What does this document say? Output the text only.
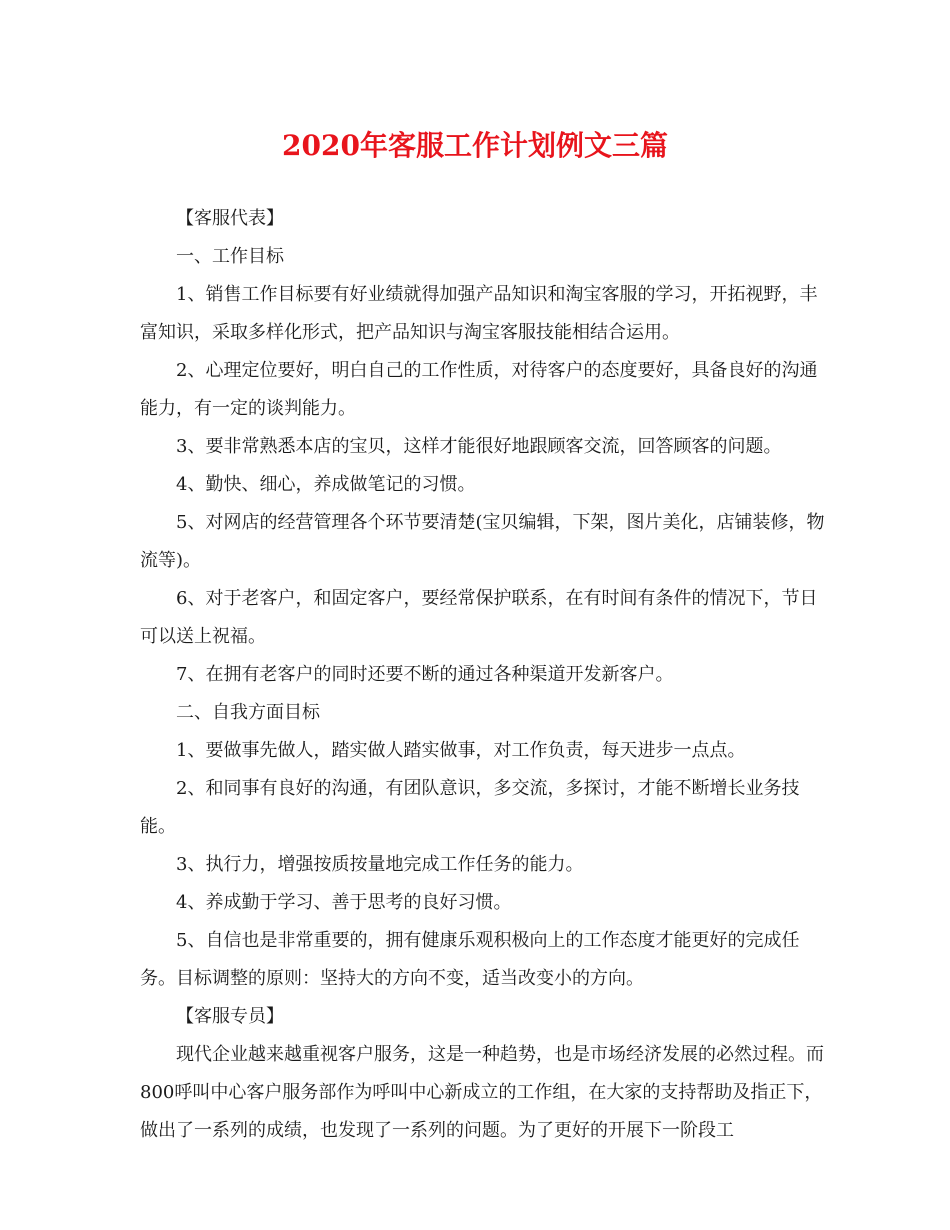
2020年客服工作计划例文三篇

【客服代表】

一、工作目标

1、销售工作目标要有好业绩就得加强产品知识和淘宝客服的学习，开拓视野，丰富知识，采取多样化形式，把产品知识与淘宝客服技能相结合运用。

2、心理定位要好，明白自己的工作性质，对待客户的态度要好，具备良好的沟通能力，有一定的谈判能力。

3、要非常熟悉本店的宝贝，这样才能很好地跟顾客交流，回答顾客的问题。

4、勤快、细心，养成做笔记的习惯。

5、对网店的经营管理各个环节要清楚(宝贝编辑，下架，图片美化，店铺装修，物流等)。

6、对于老客户，和固定客户，要经常保护联系，在有时间有条件的情况下，节日可以送上祝福。

7、在拥有老客户的同时还要不断的通过各种渠道开发新客户。

二、自我方面目标

1、要做事先做人，踏实做人踏实做事，对工作负责，每天进步一点点。

2、和同事有良好的沟通，有团队意识，多交流，多探讨，才能不断增长业务技能。

3、执行力，增强按质按量地完成工作任务的能力。

4、养成勤于学习、善于思考的良好习惯。

5、自信也是非常重要的，拥有健康乐观积极向上的工作态度才能更好的完成任务。目标调整的原则：坚持大的方向不变，适当改变小的方向。

【客服专员】

现代企业越来越重视客户服务，这是一种趋势，也是市场经济发展的必然过程。而800呼叫中心客户服务部作为呼叫中心新成立的工作组，在大家的支持帮助及指正下，做出了一系列的成绩，也发现了一系列的问题。为了更好的开展下一阶段工
